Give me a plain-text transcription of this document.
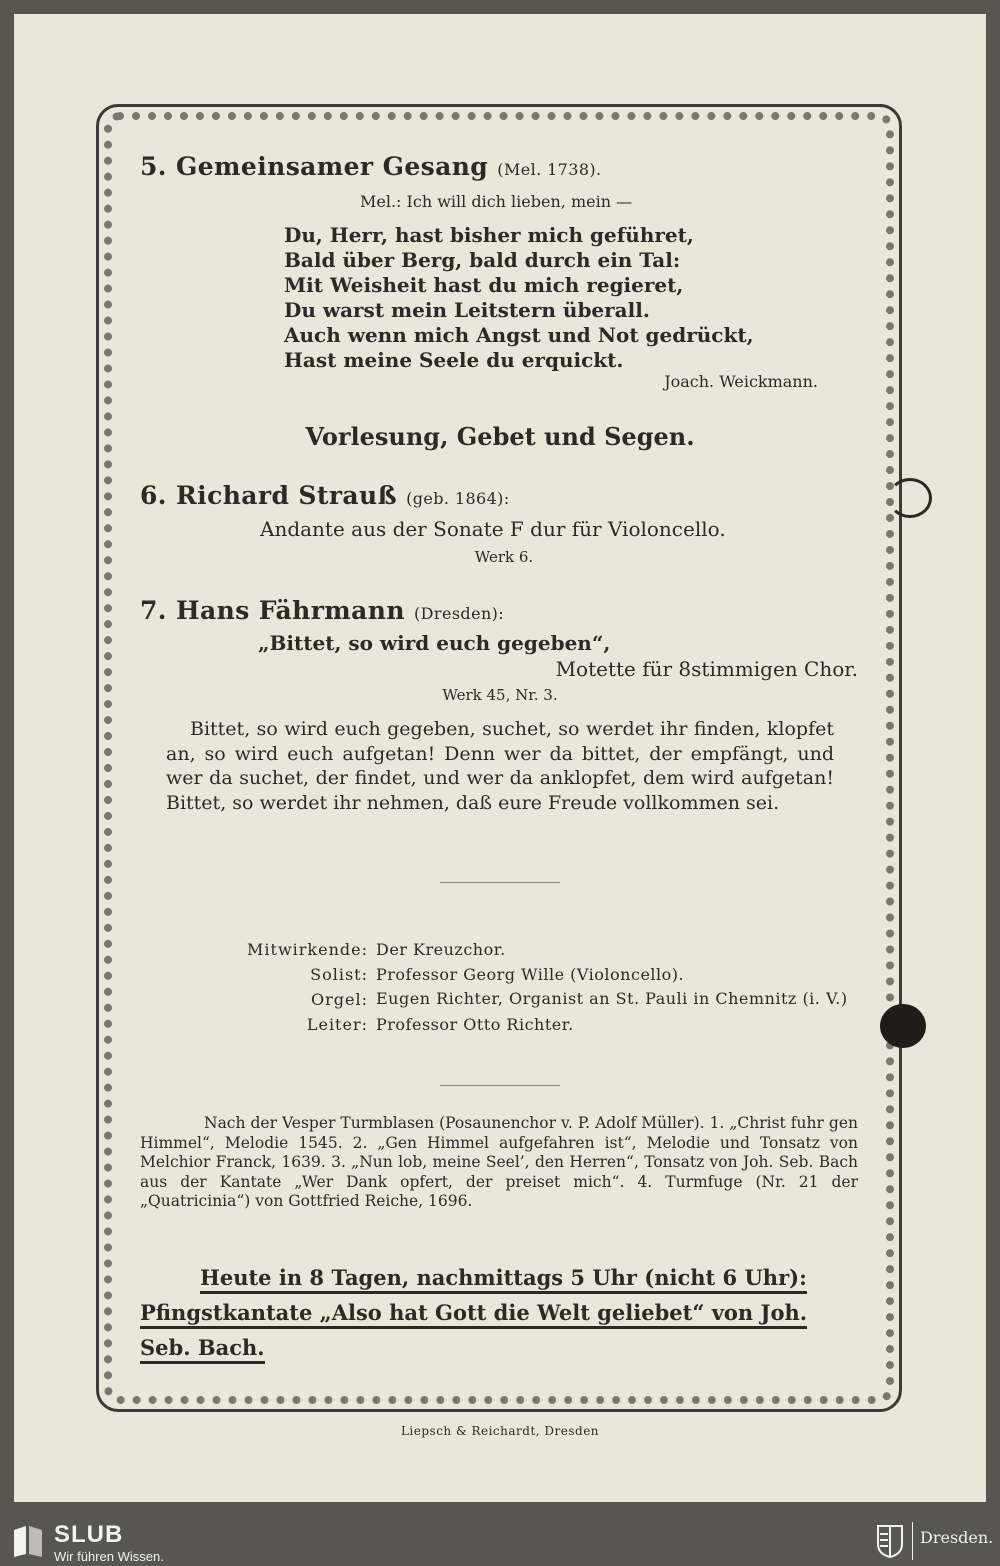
5. Gemeinsamer Gesang (Mel. 1738).
Mel.: Ich will dich lieben, mein —
Du, Herr, hast bisher mich geführet,
Bald über Berg, bald durch ein Tal:
Mit Weisheit hast du mich regieret,
Du warst mein Leitstern überall.
Auch wenn mich Angst und Not gedrückt,
Hast meine Seele du erquickt.
Joach. Weickmann.
Vorlesung, Gebet und Segen.
6. Richard Strauß (geb. 1864):
Andante aus der Sonate F dur für Violoncello.
Werk 6.
7. Hans Fährmann (Dresden):
„Bittet, so wird euch gegeben“,
Motette für 8stimmigen Chor.
Werk 45, Nr. 3.
Bittet, so wird euch gegeben, suchet, so werdet ihr finden, klopfet an, so wird euch aufgetan! Denn wer da bittet, der empfängt, und wer da suchet, der findet, und wer da anklopfet, dem wird aufgetan! Bittet, so werdet ihr nehmen, daß eure Freude vollkommen sei.
Mitwirkende: Der Kreuzchor.
Solist: Professor Georg Wille (Violoncello).
Orgel: Eugen Richter, Organist an St. Pauli in Chemnitz (i. V.)
Leiter: Professor Otto Richter.
Nach der Vesper Turmblasen (Posaunenchor v. P. Adolf Müller). 1. „Christ fuhr gen Himmel“, Melodie 1545. 2. „Gen Himmel aufgefahren ist“, Melodie und Tonsatz von Melchior Franck, 1639. 3. „Nun lob, meine Seel’, den Herren“, Tonsatz von Joh. Seb. Bach aus der Kantate „Wer Dank opfert, der preiset mich“. 4. Turmfuge (Nr. 21 der „Quatricinia“) von Gottfried Reiche, 1696.
Heute in 8 Tagen, nachmittags 5 Uhr (nicht 6 Uhr):
Pfingstkantate „Also hat Gott die Welt geliebet“ von Joh.
Seb. Bach.
Liepsch & Reichardt, Dresden
SLUB
Wir führen Wissen.
Dresden.
